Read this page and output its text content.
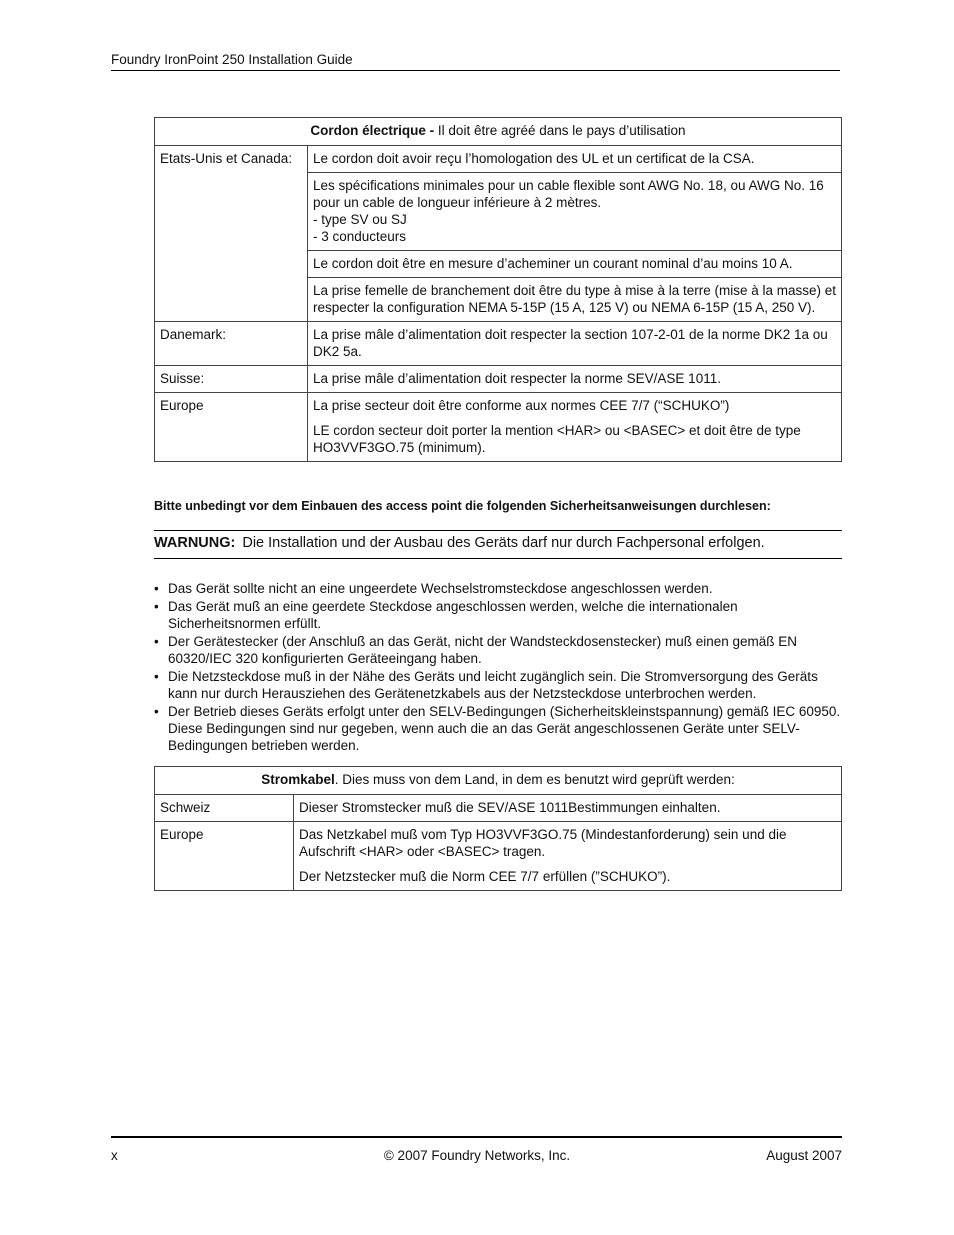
Foundry IronPoint 250 Installation Guide
Cordon électrique - Il doit être agréé dans le pays d’utilisation	
Etats-Unis et Canada:	Le cordon doit avoir reçu l’homologation des UL et un certificat de la CSA.

	Les spécifications minimales pour un cable flexible sont AWG No. 18, ou AWG No. 16 pour un cable de longueur inférieure à 2 mètres.
- type SV ou SJ
- 3 conducteurs

	Le cordon doit être en mesure d’acheminer un courant nominal d’au moins 10 A.
	La prise femelle de branchement doit être du type à mise à la terre (mise à la masse) et respecter la configuration NEMA 5-15P (15 A, 125 V) ou NEMA 6-15P (15 A, 250 V).
Danemark:	La prise mâle d’alimentation doit respecter la section 107-2-01 de la norme DK2 1a ou DK2 5a.
Suisse:	La prise mâle d’alimentation doit respecter la norme SEV/ASE 1011.
Europe	La prise secteur doit être conforme aux normes CEE 7/7 (“SCHUKO”)
LE cordon secteur doit porter la mention <HAR> ou <BASEC> et doit être de type HO3VVF3GO.75 (minimum).
Bitte unbedingt vor dem Einbauen des access point die folgenden Sicherheitsanweisungen durchlesen:
WARNUNG: Die Installation und der Ausbau des Geräts darf nur durch Fachpersonal erfolgen.
• Das Gerät sollte nicht an eine ungeerdete Wechselstromsteckdose angeschlossen werden.
• Das Gerät muß an eine geerdete Steckdose angeschlossen werden, welche die internationalen Sicherheitsnormen erfüllt.
• Der Gerätestecker (der Anschluß an das Gerät, nicht der Wandsteckdosenstecker) muß einen gemäß EN 60320/IEC 320 konfigurierten Geräteeingang haben.
• Die Netzsteckdose muß in der Nähe des Geräts und leicht zugänglich sein. Die Stromversorgung des Geräts kann nur durch Herausziehen des Gerätenetzkabels aus der Netzsteckdose unterbrochen werden.
• Der Betrieb dieses Geräts erfolgt unter den SELV-Bedingungen (Sicherheitskleinstspannung) gemäß IEC 60950. Diese Bedingungen sind nur gegeben, wenn auch die an das Gerät angeschlossenen Geräte unter SELV-Bedingungen betrieben werden.
Stromkabel. Dies muss von dem Land, in dem es benutzt wird geprüft werden:	
Schweiz	Dieser Stromstecker muß die SEV/ASE 1011Bestimmungen einhalten.
Europe	Das Netzkabel muß vom Typ HO3VVF3GO.75 (Mindestanforderung) sein und die Aufschrift <HAR> oder <BASEC> tragen.
Der Netzstecker muß die Norm CEE 7/7 erfüllen (”SCHUKO”).
x	© 2007 Foundry Networks, Inc.	August 2007
